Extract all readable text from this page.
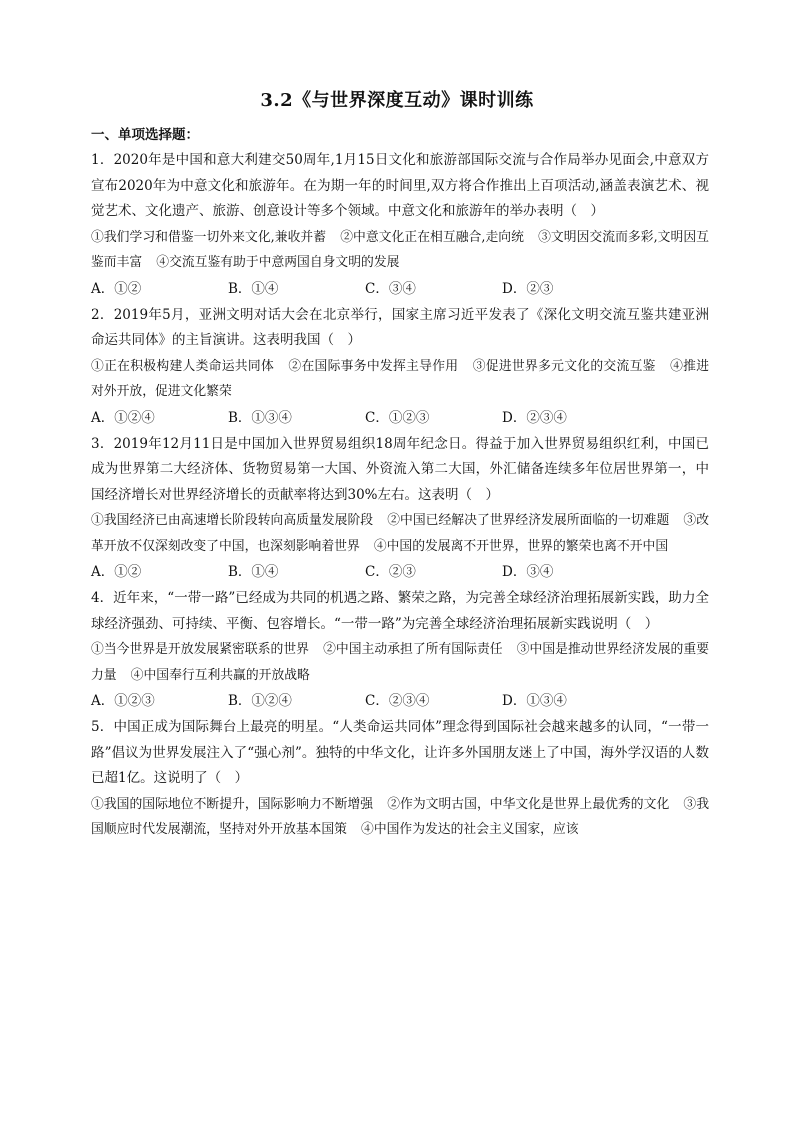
3.2《与世界深度互动》课时训练
一、单项选择题：
1．2020年是中国和意大利建交50周年,1月15日文化和旅游部国际交流与合作局举办见面会,中意双方宣布2020年为中意文化和旅游年。在为期一年的时间里,双方将合作推出上百项活动,涵盖表演艺术、视觉艺术、文化遗产、旅游、创意设计等多个领域。中意文化和旅游年的举办表明（　）
①我们学习和借鉴一切外来文化,兼收并蓄 ②中意文化正在相互融合,走向统 ③文明因交流而多彩,文明因互鉴而丰富 ④交流互鉴有助于中意两国自身文明的发展
A．①②	B．①④	C．③④	D．②③
2．2019年5月，亚洲文明对话大会在北京举行，国家主席习近平发表了《深化文明交流互鉴共建亚洲命运共同体》的主旨演讲。这表明我国（　）
①正在积极构建人类命运共同体 ②在国际事务中发挥主导作用 ③促进世界多元文化的交流互鉴 ④推进对外开放，促进文化繁荣
A．①②④	B．①③④	C．①②③	D．②③④
3．2019年12月11日是中国加入世界贸易组织18周年纪念日。得益于加入世界贸易组织红利，中国已成为世界第二大经济体、货物贸易第一大国、外资流入第二大国，外汇储备连续多年位居世界第一，中国经济增长对世界经济增长的贡献率将达到30%左右。这表明（　）
①我国经济已由高速增长阶段转向高质量发展阶段 ②中国已经解决了世界经济发展所面临的一切难题 ③改革开放不仅深刻改变了中国，也深刻影响着世界 ④中国的发展离不开世界，世界的繁荣也离不开中国
A．①②	B．①④	C．②③	D．③④
4．近年来，“一带一路”已经成为共同的机遇之路、繁荣之路，为完善全球经济治理拓展新实践，助力全球经济强劲、可持续、平衡、包容增长。“一带一路”为完善全球经济治理拓展新实践说明（　）
①当今世界是开放发展紧密联系的世界 ②中国主动承担了所有国际责任 ③中国是推动世界经济发展的重要力量 ④中国奉行互利共赢的开放战略
A．①②③	B．①②④	C．②③④	D．①③④
5．中国正成为国际舞台上最亮的明星。“人类命运共同体”理念得到国际社会越来越多的认同，“一带一路”倡议为世界发展注入了“强心剂”。独特的中华文化，让许多外国朋友迷上了中国，海外学汉语的人数已超1亿。这说明了（　）
①我国的国际地位不断提升，国际影响力不断增强 ②作为文明古国，中华文化是世界上最优秀的文化 ③我国顺应时代发展潮流，坚持对外开放基本国策 ④中国作为发达的社会主义国家，应该
